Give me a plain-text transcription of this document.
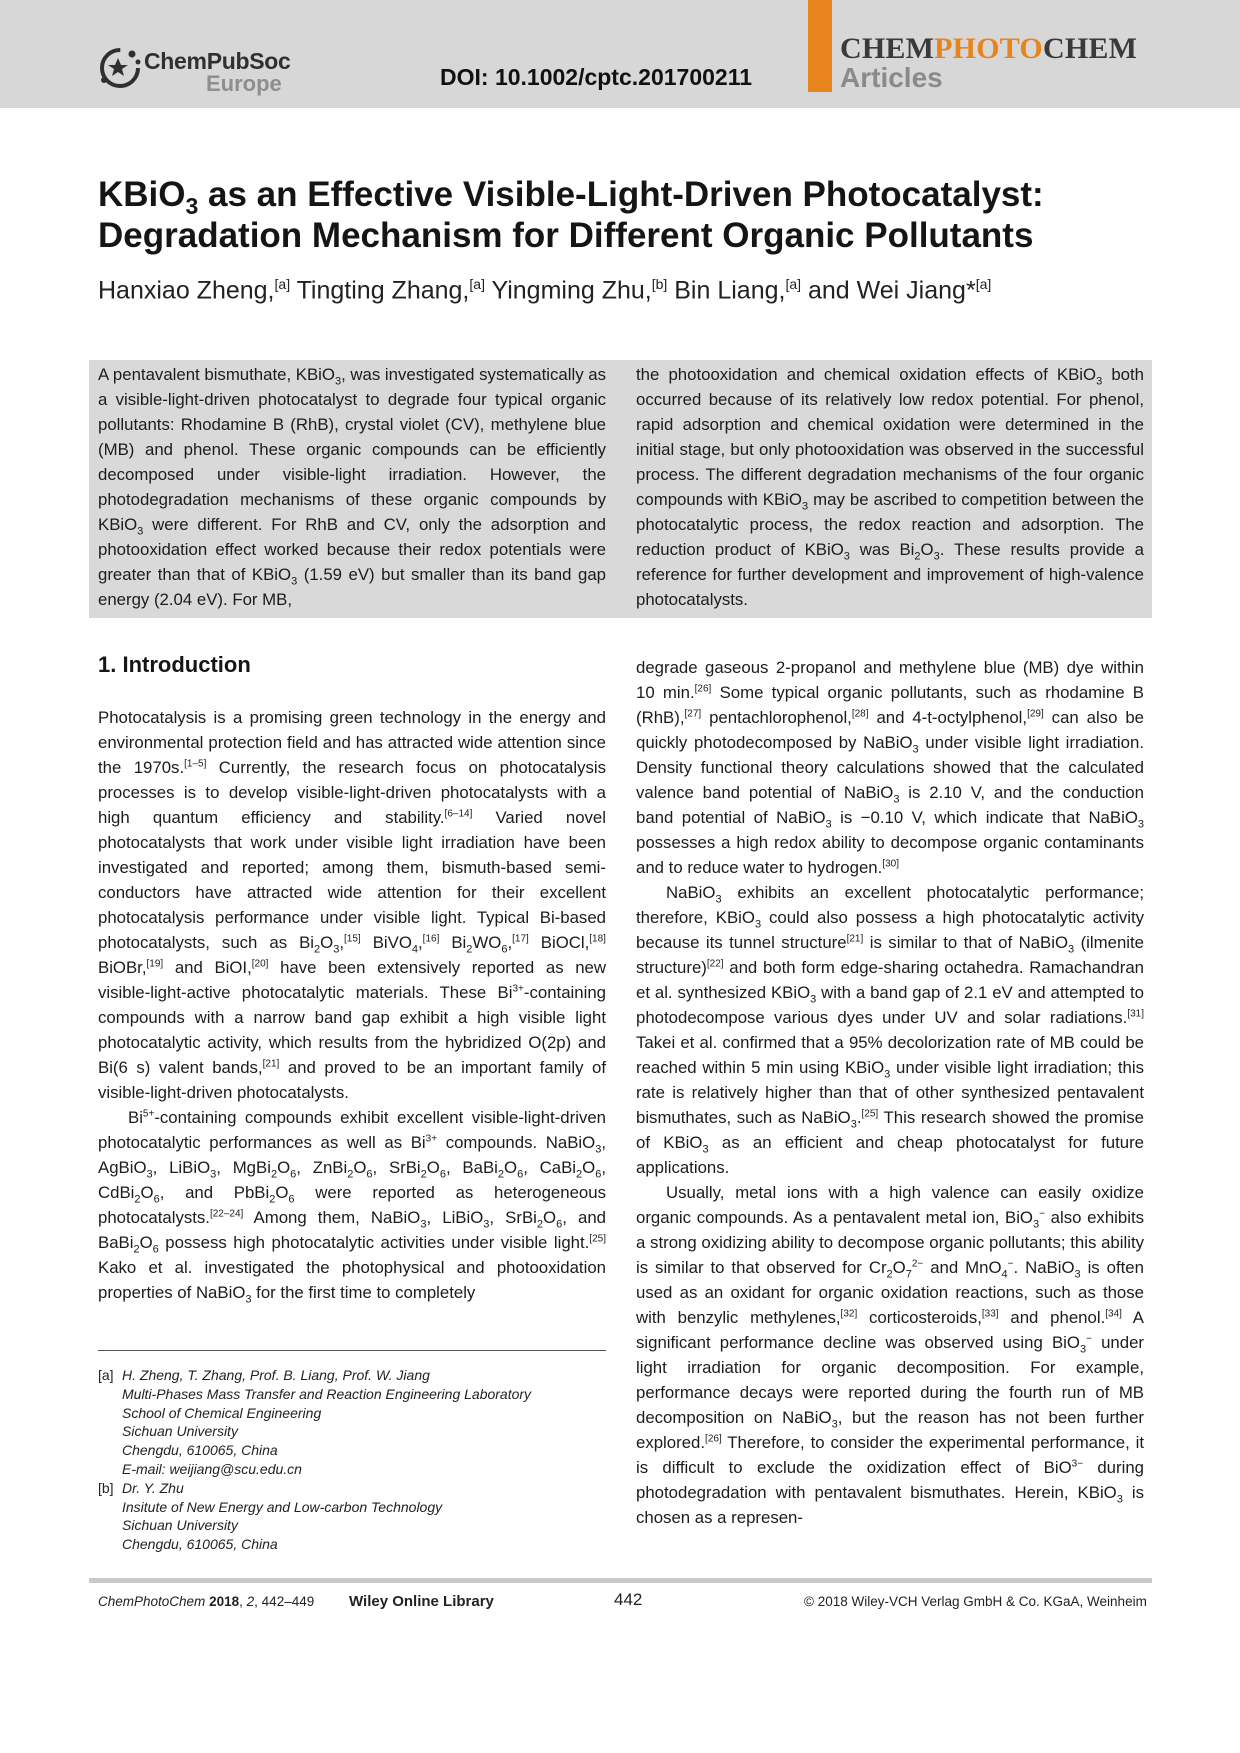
ChemPubSoc
Europe	DOI: 10.1002/cptc.201700211
CHEMPHOTOCHEM
Articles
KBiO$_3$ as an Effective Visible-Light-Driven Photocatalyst:
Degradation Mechanism for Different Organic Pollutants
Hanxiao Zheng,[a] Tingting Zhang,[a] Yingming Zhu,[b] Bin Liang,[a] and Wei Jiang*[a]
A pentavalent bismuthate, KBiO$_3$, was investigated systematically as a visible-light-driven photocatalyst to degrade four typical organic pollutants: Rhodamine B (RhB), crystal violet (CV), methylene blue (MB) and phenol. These organic compounds can be efficiently decomposed under visible-light irradiation. However, the photodegradation mechanisms of these organic compounds by KBiO$_3$ were different. For RhB and CV, only the adsorption and photooxidation effect worked because their redox potentials were greater than that of KBiO$_3$ (1.59 eV) but smaller than its band gap energy (2.04 eV). For MB,
the photooxidation and chemical oxidation effects of KBiO$_3$ both occurred because of its relatively low redox potential. For phenol, rapid adsorption and chemical oxidation were determined in the initial stage, but only photooxidation was observed in the successful process. The different degradation mechanisms of the four organic compounds with KBiO$_3$ may be ascribed to competition between the photocatalytic process, the redox reaction and adsorption. The reduction product of KBiO$_3$ was $Bi_2O_3$. These results provide a reference for further development and improvement of high-valence photocatalysts.
1. Introduction

Photocatalysis is a promising green technology in the energy and environmental protection field and has attracted wide attention since the 1970s.[1–5] Currently, the research focus on photocatalysis processes is to develop visible-light-driven photocatalysts with a high quantum efficiency and stability.[6–14] Varied novel photocatalysts that work under visible light irradiation have been investigated and reported; among them, bismuth-based semi-conductors have attracted wide attention for their excellent photocatalysis performance under visible light. Typical Bi-based photocatalysts, such as $Bi_2O_3,[15]$ BiVO$_4$,[16] $Bi_2WO_6,[17]$ BiOCl,[18] BiOBr,[19] and BiOI,[20] have been extensively reported as new visible-light-active photocatalytic materials. These $Bi^{3+}$-containing compounds with a narrow band gap exhibit a high visible light photocatalytic activity, which results from the hybridized O(2p) and Bi(6 s) valent bands,[21] and proved to be an important family of visible-light-driven photocatalysts.

$Bi^{5+}$-containing compounds exhibit excellent visible-light-driven photocatalytic performances as well as $Bi^{3+}$ compounds. NaBiO$_3$, AgBiO$_3$, LiBiO$_3$, $MgBi_2O_6$, $ZnBi_2O_6$, $SrBi_2O_6$, $BaBi_2O_6$, $CaBi_2O_6$, $CdBi_2O_6$, and $PbBi_2O_6$ were reported as heterogeneous photocatalysts.[22–24] Among them, NaBiO$_3$, LiBiO$_3$, $SrBi_2O_6$, and $BaBi_2O_6$ possess high photocatalytic activities under visible light.[25] Kako et al. investigated the photophysical and photooxidation properties of NaBiO$_3$ for the first time to completely

degrade gaseous 2-propanol and methylene blue (MB) dye within 10 min.[26] Some typical organic pollutants, such as rhodamine B (RhB),[27] pentachlorophenol,[28] and 4-t-octylphenol,[29] can also be quickly photodecomposed by NaBiO$_3$ under visible light irradiation. Density functional theory calculations showed that the calculated valence band potential of NaBiO$_3$ is 2.10 V, and the conduction band potential of NaBiO$_3$ is −0.10 V, which indicate that NaBiO$_3$ possesses a high redox ability to decompose organic contaminants and to reduce water to hydrogen.[30]

NaBiO$_3$ exhibits an excellent photocatalytic performance; therefore, KBiO$_3$ could also possess a high photocatalytic activity because its tunnel structure[21] is similar to that of NaBiO$_3$ (ilmenite structure)[22] and both form edge-sharing octahedra. Ramachandran et al. synthesized KBiO$_3$ with a band gap of 2.1 eV and attempted to photodecompose various dyes under UV and solar radiations.[31] Takei et al. confirmed that a 95% decolorization rate of MB could be reached within 5 min using KBiO$_3$ under visible light irradiation; this rate is relatively higher than that of other synthesized pentavalent bismuthates, such as NaBiO$_3$.[25] This research showed the promise of KBiO$_3$ as an efficient and cheap photocatalyst for future applications.

Usually, metal ions with a high valence can easily oxidize organic compounds. As a pentavalent metal ion, BiO$_3$− also exhibits a strong oxidizing ability to decompose organic pollutants; this ability is similar to that observed for $Cr_2O_7^{2-}$ and MnO$_4$−. NaBiO$_3$ is often used as an oxidant for organic oxidation reactions, such as those with benzylic methylenes,[32] corticosteroids,[33] and phenol.[34] A significant performance decline was observed using BiO$_3$− under light irradiation for organic decomposition. For example, performance decays were reported during the fourth run of MB decomposition on NaBiO$_3$, but the reason has not been further explored.[26] Therefore, to consider the experimental performance, it is difficult to exclude the oxidization effect of BiO$^{3-}$ during photodegradation with pentavalent bismuthates. Herein, KBiO$_3$ is chosen as a represen-

[a] H. Zheng, T. Zhang, Prof. B. Liang, Prof. W. Jiang
Multi-Phases Mass Transfer and Reaction Engineering Laboratory
School of Chemical Engineering
Sichuan University
Chengdu, 610065, China
E-mail: weijiang@scu.edu.cn
[b] Dr. Y. Zhu
Insitute of New Energy and Low-carbon Technology
Sichuan University
Chengdu, 610065, China
ChemPhotoChem 2018, 2, 442–449 Wiley Online Library	442	© 2018 Wiley-VCH Verlag GmbH & Co. KGaA, Weinheim
